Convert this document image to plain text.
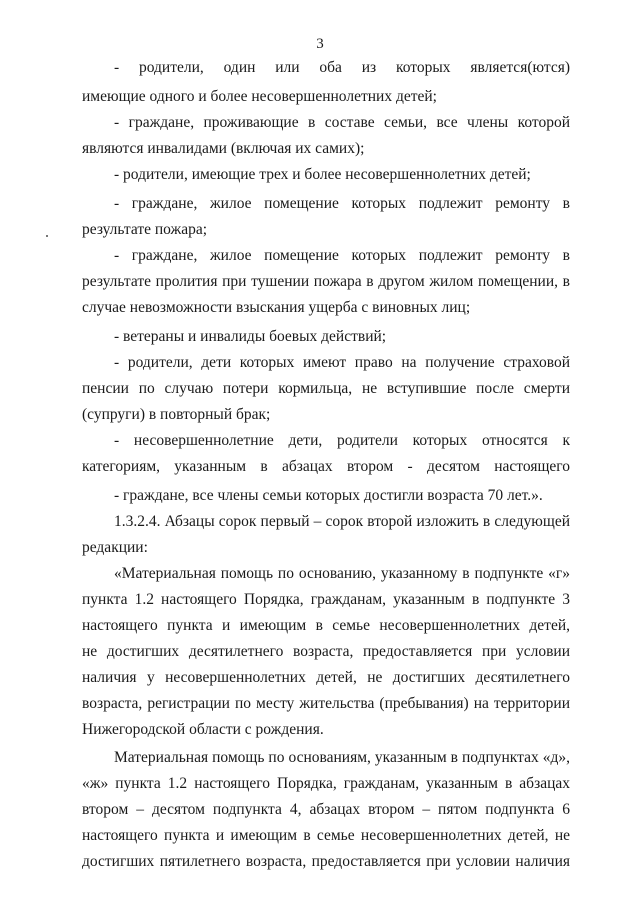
3
- родители, один или оба из которых является(ются)
имеющие одного и более несовершеннолетних детей;
- граждане, проживающие в составе семьи, все члены которой
являются инвалидами (включая их самих);
- родители, имеющие трех и более несовершеннолетних детей;
- граждане, жилое помещение которых подлежит ремонту в
результате пожара;
- граждане, жилое помещение которых подлежит ремонту в
результате пролития при тушении пожара в другом жилом помещении, в
случае невозможности взыскания ущерба с виновных лиц;
- ветераны и инвалиды боевых действий;
- родители, дети которых имеют право на получение страховой
пенсии по случаю потери кормильца, не вступившие после смерти
(супруги) в повторный брак;
- несовершеннолетние дети, родители которых относятся к
категориям, указанным в абзацах втором - десятом настоящего
- граждане, все члены семьи которых достигли возраста 70 лет.».
1.3.2.4. Абзацы сорок первый – сорок второй изложить в следующей
редакции:
«Материальная помощь по основанию, указанному в подпункте «г»
пункта 1.2 настоящего Порядка, гражданам, указанным в подпункте 3
настоящего пункта и имеющим в семье несовершеннолетних детей,
не достигших десятилетнего возраста, предоставляется при условии
наличия у несовершеннолетних детей, не достигших десятилетнего
возраста, регистрации по месту жительства (пребывания) на территории
Нижегородской области с рождения.
Материальная помощь по основаниям, указанным в подпунктах «д»,
«ж» пункта 1.2 настоящего Порядка, гражданам, указанным в абзацах
втором – десятом подпункта 4, абзацах втором – пятом подпункта 6
настоящего пункта и имеющим в семье несовершеннолетних детей, не
достигших пятилетнего возраста, предоставляется при условии наличия
